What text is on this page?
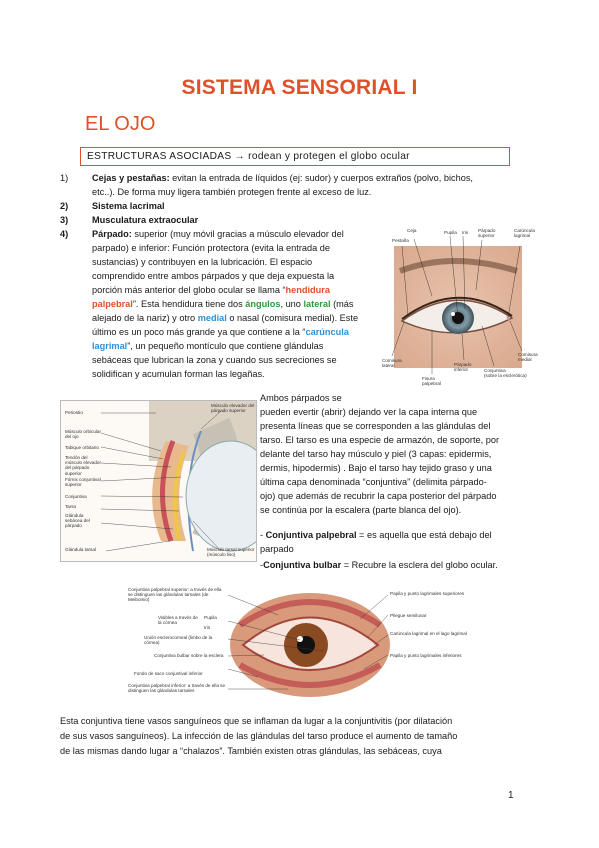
SISTEMA SENSORIAL I
EL OJO
ESTRUCTURAS ASOCIADAS → rodean y protegen el globo ocular
1)	Cejas y pestañas: evitan la entrada de líquidos (ej: sudor) y cuerpos extraños (polvo, bichos,
etc..). De forma muy ligera también protegen frente al exceso de luz.
2)	Sistema lacrimal
3)	Musculatura extraocular
4)	Párpado: superior (muy móvil gracias a músculo elevador del
parpado) e inferior: Función protectora (evita la entrada de
sustancias) y contribuyen en la lubricación. El espacio
comprendido entre ambos párpados y que deja expuesta la
porción más anterior del globo ocular se llama “hendidura
palpebral”. Esta hendidura tiene dos ángulos, uno lateral (más
alejado de la nariz) y otro medial o nasal (comisura medial). Este
último es un poco más grande ya que contiene a la “carúncula
lagrimal”, un pequeño montículo que contiene glándulas
sebáceas que lubrican la zona y cuando sus secreciones se
solidifican y acumulan forman las legañas.
Ceja
Pestaña
Pupila Iris Párpado
superior
Carúncula
lagrimal
Comisura
lateral
Fisura
palpebral
Párpado
inferior	Conjuntiva
(sobre la esclerótica)
Comisura
medial
Periostio
Músculo orbicular del ojo
Tabique orbitario
Tendón del músculo elevador del párpado superior
Fórnix conjuntival superior
Conjuntiva
Tarso
Glándula sebácea del párpado
Glándula tarsal
Músculo elevador del párpado superior
Músculo tarsal superior (músculo liso)
Ambos párpados se
pueden evertir (abrir) dejando ver la capa interna que
presenta líneas que se corresponden a las glándulas del
tarso. El tarso es una especie de armazón, de soporte, por
delante del tarso hay músculo y piel (3 capas: epidermis,
dermis, hipodermis) . Bajo el tarso hay tejido graso y una
última capa denominada “conjuntiva” (delimita párpado-
ojo) que además de recubrir la capa posterior del párpado
se continúa por la escalera (parte blanca del ojo).
- Conjuntiva palpebral = es aquella que está debajo del
parpado
-Conjuntiva bulbar = Recubre la esclera del globo ocular.
Conjuntiva palpebral superior: a través de ella se distinguen las glándulas tarsales (de Meibomio)
Visibles a través de la córnea
Pupila
Iris
Unión esclerocorneal (limbo de la córnea)
Conjuntiva bulbar sobre la esclera
Fondo de saco conjuntival inferior
Conjuntiva palpebral inferior: a través de ella se distinguen las glándulas tarsales
Papila y punto lagrimales superiores
Pliegue semilunar
Carúncula lagrimal en el lago lagrimal
Papila y punto lagrimales inferiores
Esta conjuntiva tiene vasos sanguíneos que se inflaman da lugar a la conjuntivitis (por dilatación
de sus vasos sanguíneos). La infección de las glándulas del tarso produce el aumento de tamaño
de las mismas dando lugar a “chalazos”. También existen otras glándulas, las sebáceas, cuya
1
